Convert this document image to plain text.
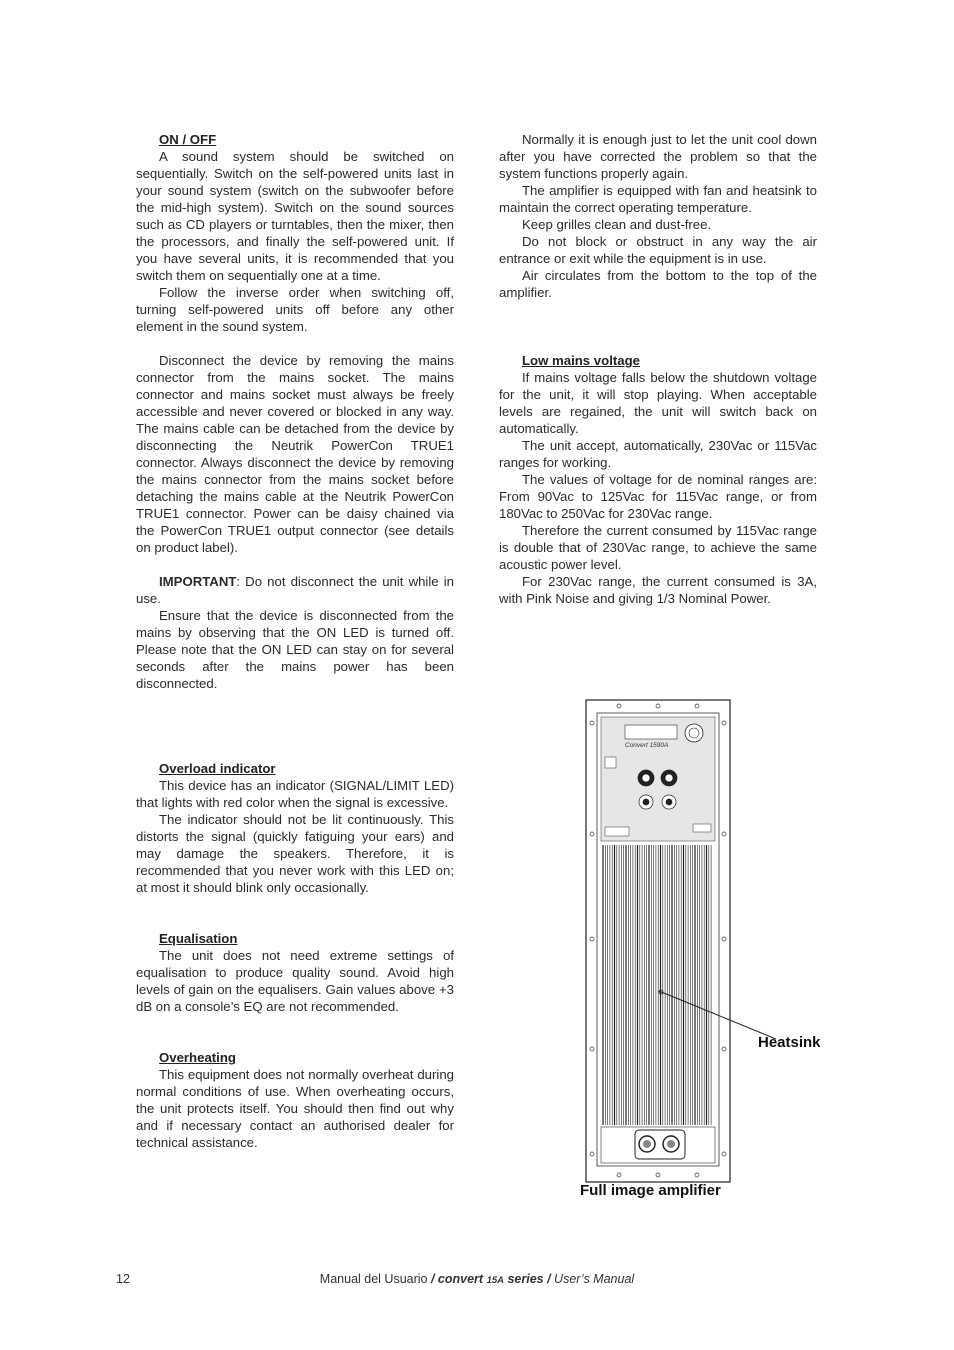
ON / OFF

A sound system should be switched on sequentially. Switch on the self-powered units last in your sound system (switch on the subwoofer before the mid-high system). Switch on the sound sources such as CD players or turntables, then the mixer, then the processors, and finally the self-powered unit. If you have several units, it is recommended that you switch them on sequentially one at a time.

Follow the inverse order when switching off, turning self-powered units off before any other element in the sound system.

Disconnect the device by removing the mains connector from the mains socket. The mains connector and mains socket must always be freely accessible and never covered or blocked in any way. The mains cable can be detached from the device by disconnecting the Neutrik PowerCon TRUE1 connector. Always disconnect the device by removing the mains connector from the mains socket before detaching the mains cable at the Neutrik PowerCon TRUE1 connector. Power can be daisy chained via the PowerCon TRUE1 output connector (see details on product label).

IMPORTANT: Do not disconnect the unit while in use.

Ensure that the device is disconnected from the mains by observing that the ON LED is turned off. Please note that the ON LED can stay on for several seconds after the mains power has been disconnected.

Overload indicator

This device has an indicator (SIGNAL/LIMIT LED) that lights with red color when the signal is excessive.

The indicator should not be lit continuously. This distorts the signal (quickly fatiguing your ears) and may damage the speakers. Therefore, it is recommended that you never work with this LED on; at most it should blink only occasionally.

Equalisation

The unit does not need extreme settings of equalisation to produce quality sound. Avoid high levels of gain on the equalisers. Gain values above +3 dB on a console’s EQ are not recommended.

Overheating

This equipment does not normally overheat during normal conditions of use. When overheating occurs, the unit protects itself. You should then find out why and if necessary contact an authorised dealer for technical assistance.

Normally it is enough just to let the unit cool down after you have corrected the problem so that the system functions properly again.

The amplifier is equipped with fan and heatsink to maintain the correct operating temperature.

Keep grilles clean and dust-free.

Do not block or obstruct in any way the air entrance or exit while the equipment is in use.

Air circulates from the bottom to the top of the amplifier.

Low mains voltage

If mains voltage falls below the shutdown voltage for the unit, it will stop playing. When acceptable levels are regained, the unit will switch back on automatically.

The unit accept, automatically, 230Vac or 115Vac ranges for working.

The values of voltage for de nominal ranges are: From 90Vac to 125Vac for 115Vac range, or from 180Vac to 250Vac for 230Vac range.

Therefore the current consumed by 115Vac range is double that of 230Vac range, to achieve the same acoustic power level.

For 230Vac range, the current consumed is 3A, with Pink Noise and giving 1/3 Nominal Power.

Convert 1590A
Heatsink
Full image amplifier
12	Manual del Usuario / convert 15A series / User’s Manual
